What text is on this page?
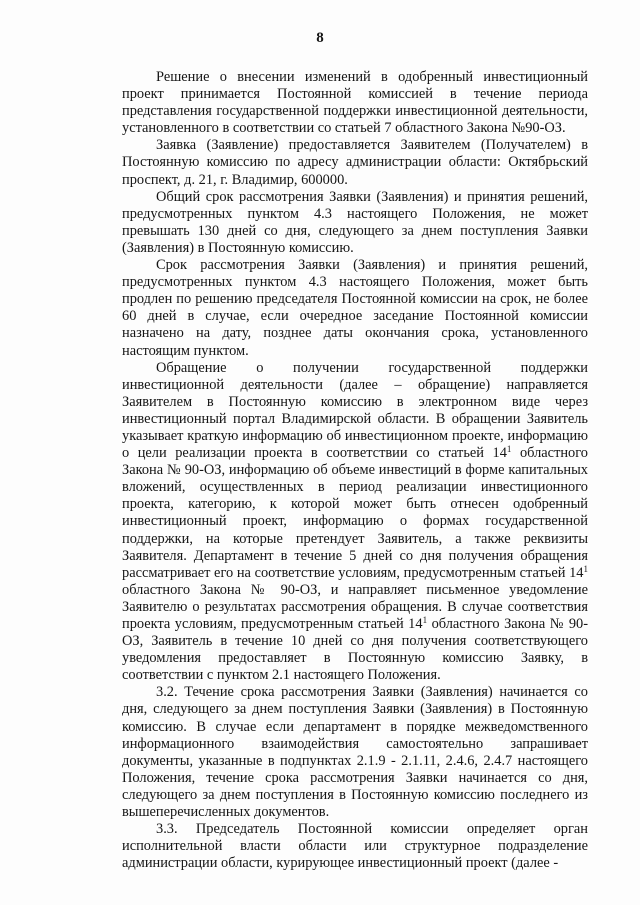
8

Решение о внесении изменений в одобренный инвестиционный проект принимается Постоянной комиссией в течение периода представления государственной поддержки инвестиционной деятельности, установленного в соответствии со статьей 7 областного Закона №90-ОЗ.

Заявка (Заявление) предоставляется Заявителем (Получателем) в Постоянную комиссию по адресу администрации области: Октябрьский проспект, д. 21, г. Владимир, 600000.

Общий срок рассмотрения Заявки (Заявления) и принятия решений, предусмотренных пунктом 4.3 настоящего Положения, не может превышать 130 дней со дня, следующего за днем поступления Заявки (Заявления) в Постоянную комиссию.

Срок рассмотрения Заявки (Заявления) и принятия решений, предусмотренных пунктом 4.3 настоящего Положения, может быть продлен по решению председателя Постоянной комиссии на срок, не более 60 дней в случае, если очередное заседание Постоянной комиссии назначено на дату, позднее даты окончания срока, установленного настоящим пунктом.

Обращение о получении государственной поддержки инвестиционной деятельности (далее – обращение) направляется Заявителем в Постоянную комиссию в электронном виде через инвестиционный портал Владимирской области. В обращении Заявитель указывает краткую информацию об инвестиционном проекте, информацию о цели реализации проекта в соответствии со статьей $14^1$ областного Закона № 90-ОЗ, информацию об объеме инвестиций в форме капитальных вложений, осуществленных в период реализации инвестиционного проекта, категорию, к которой может быть отнесен одобренный инвестиционный проект, информацию о формах государственной поддержки, на которые претендует Заявитель, а также реквизиты Заявителя. Департамент в течение 5 дней со дня получения обращения рассматривает его на соответствие условиям, предусмотренным статьей $14^1$ областного Закона № 90-ОЗ, и направляет письменное уведомление Заявителю о результатах рассмотрения обращения. В случае соответствия проекта условиям, предусмотренным статьей $14^1$ областного Закона № 90-ОЗ, Заявитель в течение 10 дней со дня получения соответствующего уведомления предоставляет в Постоянную комиссию Заявку, в соответствии с пунктом 2.1 настоящего Положения.

3.2. Течение срока рассмотрения Заявки (Заявления) начинается со дня, следующего за днем поступления Заявки (Заявления) в Постоянную комиссию. В случае если департамент в порядке межведомственного информационного взаимодействия самостоятельно запрашивает документы, указанные в подпунктах 2.1.9 - 2.1.11, 2.4.6, 2.4.7 настоящего Положения, течение срока рассмотрения Заявки начинается со дня, следующего за днем поступления в Постоянную комиссию последнего из вышеперечисленных документов.

3.3. Председатель Постоянной комиссии определяет орган исполнительной власти области или структурное подразделение администрации области, курирующее инвестиционный проект (далее -
